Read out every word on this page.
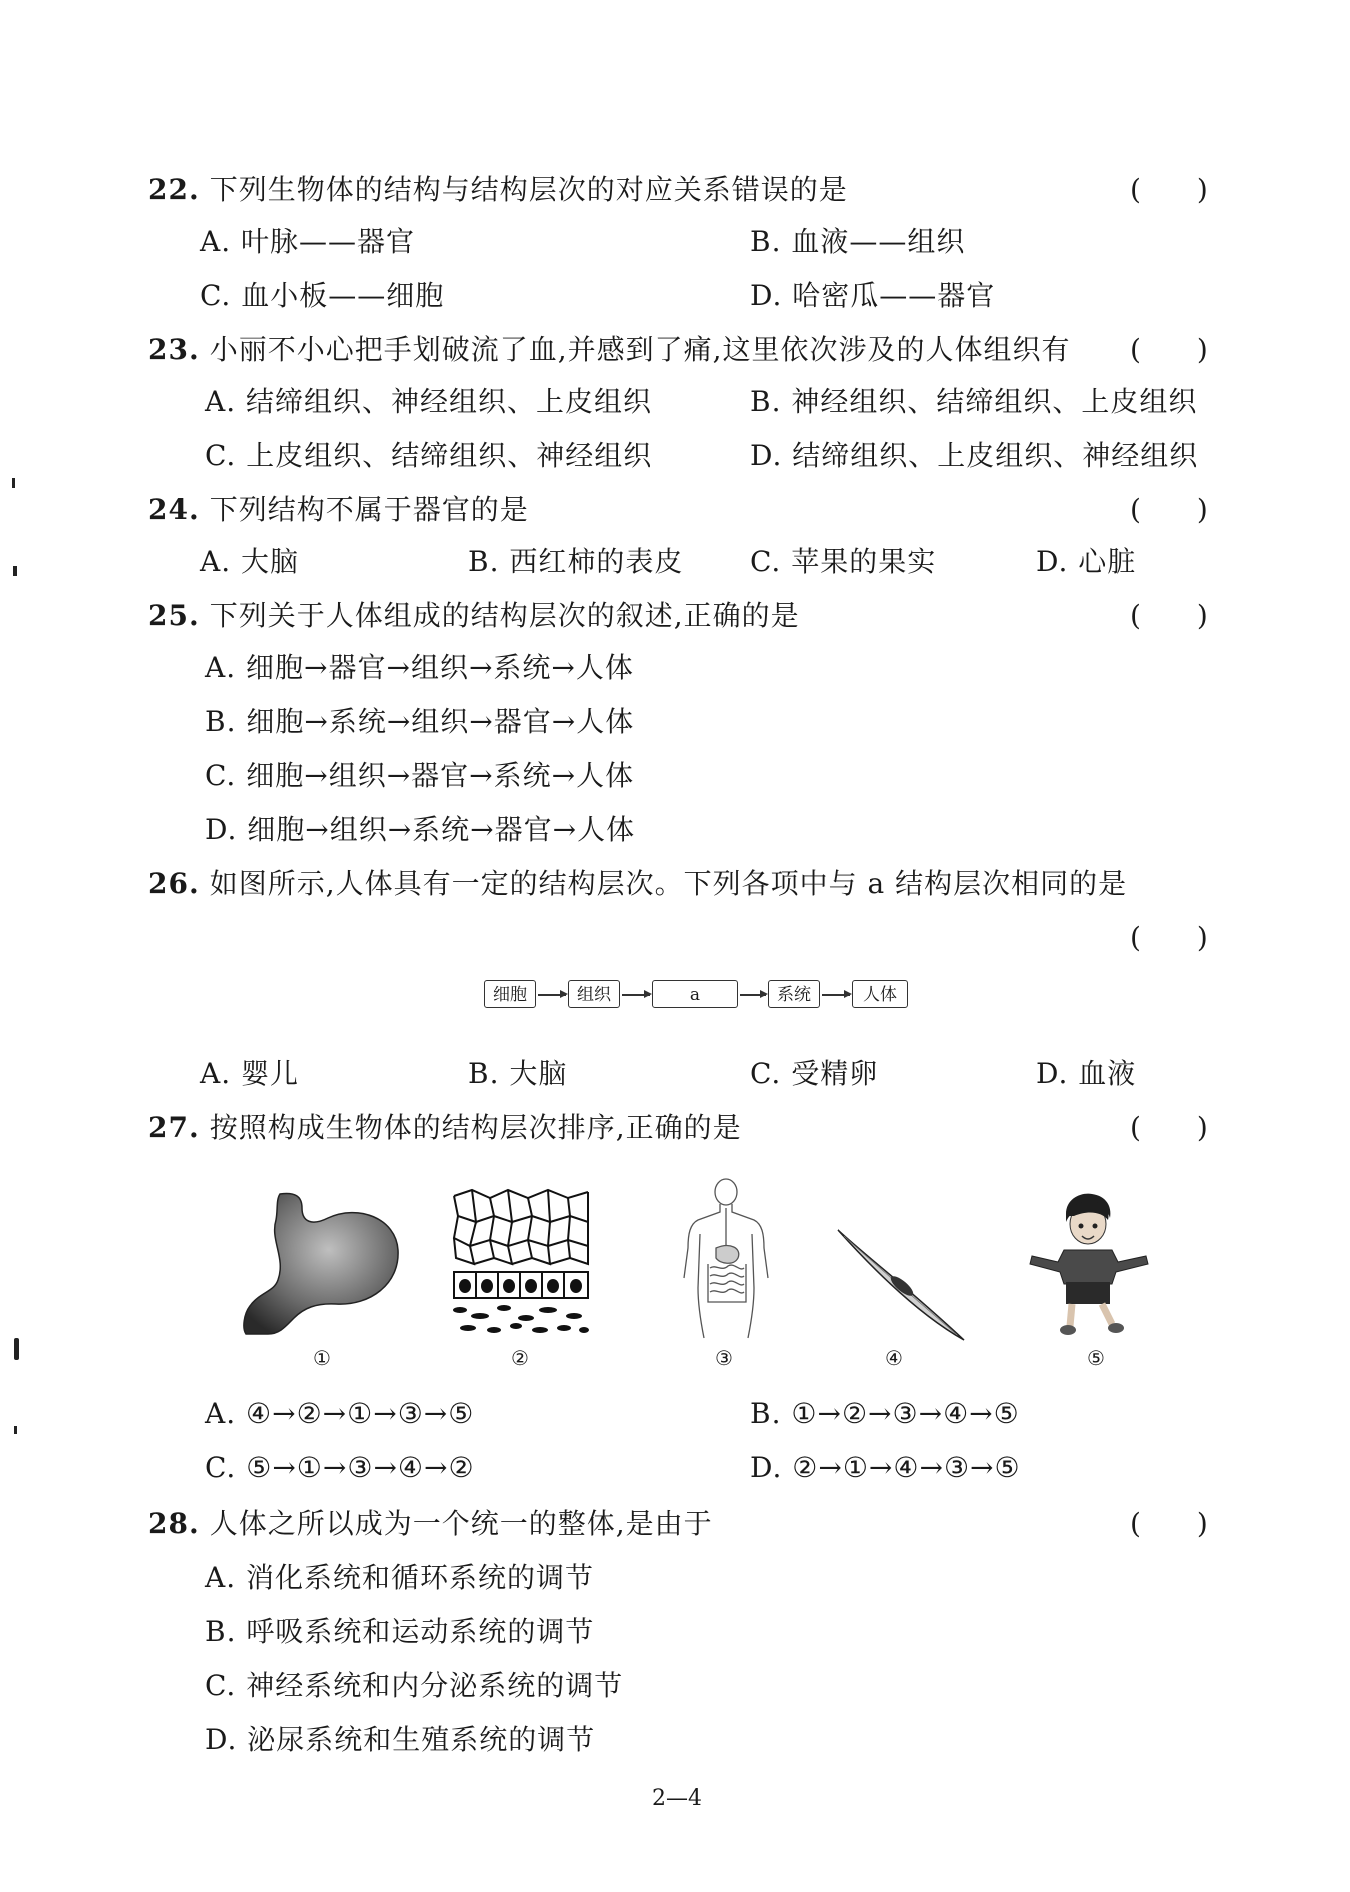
22. 下列生物体的结构与结构层次的对应关系错误的是	(　　)
A. 叶脉——器官	B. 血液——组织
C. 血小板——细胞	D. 哈密瓜——器官
23. 小丽不小心把手划破流了血,并感到了痛,这里依次涉及的人体组织有 (　　)
A. 结缔组织、神经组织、上皮组织	B. 神经组织、结缔组织、上皮组织
C. 上皮组织、结缔组织、神经组织	D. 结缔组织、上皮组织、神经组织
24. 下列结构不属于器官的是	(　　)
A. 大脑	B. 西红柿的表皮 C. 苹果的果实	D. 心脏
25. 下列关于人体组成的结构层次的叙述,正确的是	(　　)
A. 细胞→器官→组织→系统→人体
B. 细胞→系统→组织→器官→人体
C. 细胞→组织→器官→系统→人体
D. 细胞→组织→系统→器官→人体
26. 如图所示,人体具有一定的结构层次。下列各项中与 a 结构层次相同的是
(　　)
细胞	组织	a	系统	人体
A. 婴儿	B. 大脑	C. 受精卵	D. 血液
27. 按照构成生物体的结构层次排序,正确的是	(　　)
①	②	③	④	⑤
A. ④→②→①→③→⑤	B. ①→②→③→④→⑤
C. ⑤→①→③→④→②	D. ②→①→④→③→⑤
28. 人体之所以成为一个统一的整体,是由于	(　　)
A. 消化系统和循环系统的调节
B. 呼吸系统和运动系统的调节
C. 神经系统和内分泌系统的调节
D. 泌尿系统和生殖系统的调节
2—4
